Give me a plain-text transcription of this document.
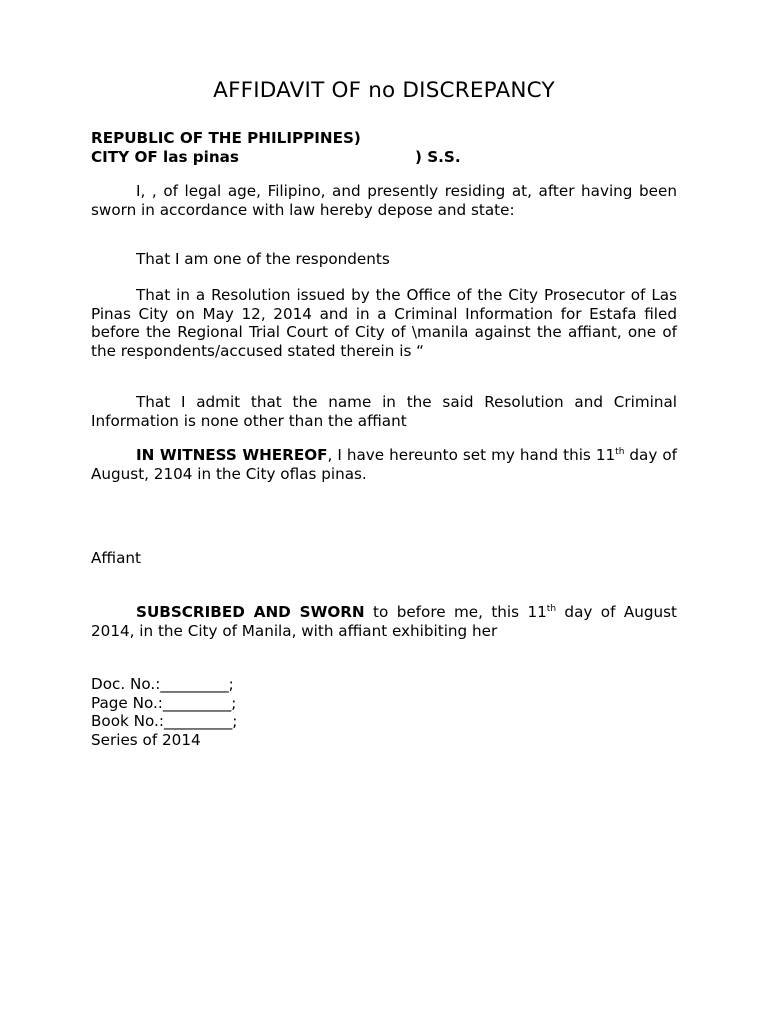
AFFIDAVIT OF no DISCREPANCY
REPUBLIC OF THE PHILIPPINES)
CITY OF las pinas	) S.S.

I, , of legal age, Filipino, and presently residing at, after having been sworn in accordance with law hereby depose and state:

That I am one of the respondents

That in a Resolution issued by the Office of the City Prosecutor of Las Pinas City on May 12, 2014 and in a Criminal Information for Estafa filed before the Regional Trial Court of City of \manila against the affiant, one of the respondents/accused stated therein is “

That I admit that the name in the said Resolution and Criminal Information is none other than the affiant

IN WITNESS WHEREOF, I have hereunto set my hand this 11th day of August, 2104 in the City oflas pinas.

Affiant

SUBSCRIBED AND SWORN to before me, this 11th day of August 2014, in the City of Manila, with affiant exhibiting her

Doc. No.:_________;
Page No.:_________;
Book No.:_________;
Series of 2014
